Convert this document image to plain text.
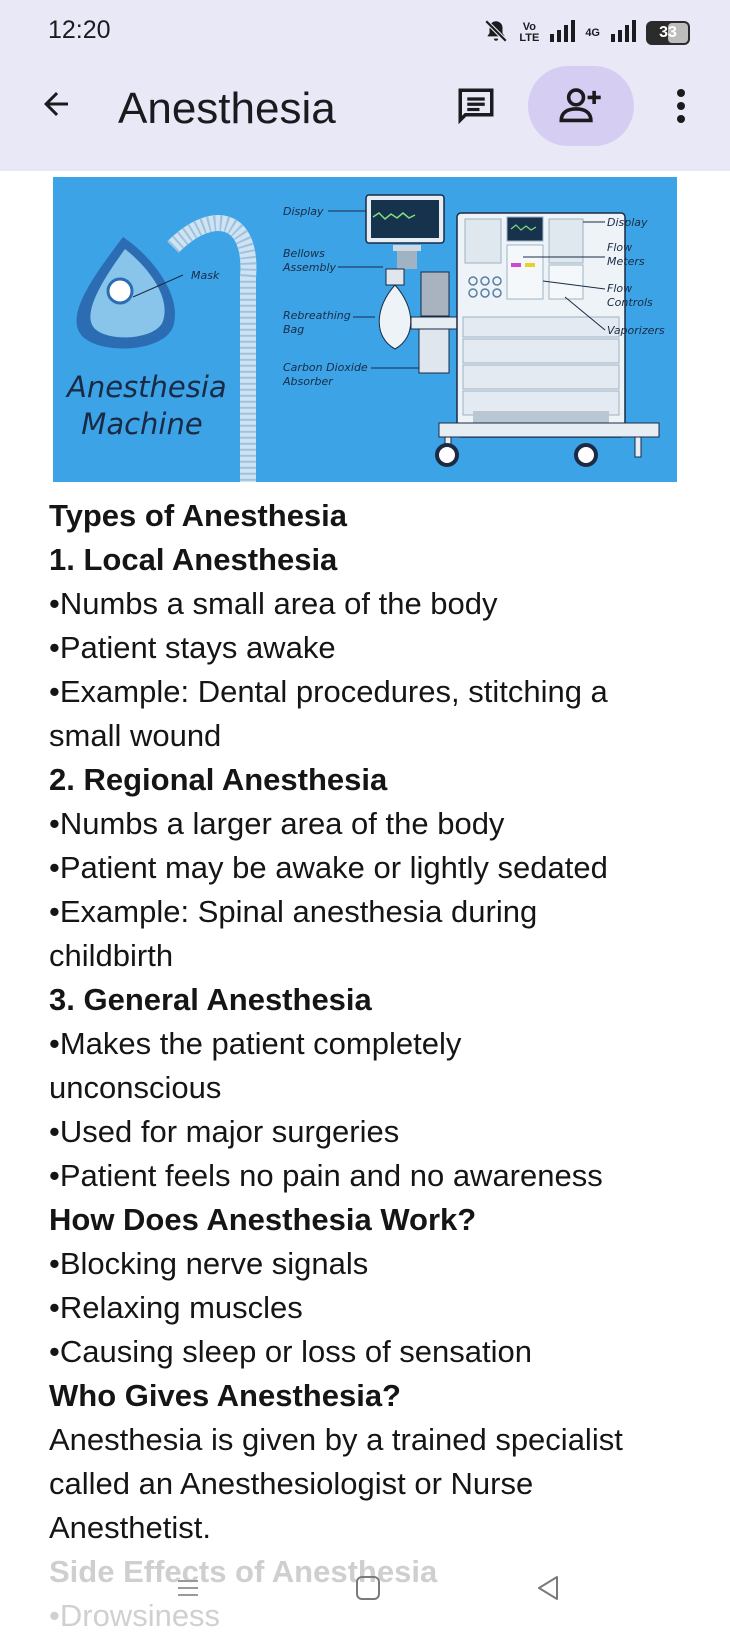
12:20	Vo
LTE	4G	33
Anesthesia
Mask
Display
Bellows
Assembly
Rebreathing
Bag
Carbon Dioxide
Absorber
Display
Flow
Meters
Flow
Controls
Vaporizers
Anesthesia
Machine

Types of Anesthesia

1. Local Anesthesia

•Numbs a small area of the body

•Patient stays awake

•Example: Dental procedures, stitching a

small wound

2. Regional Anesthesia

•Numbs a larger area of the body

•Patient may be awake or lightly sedated

•Example: Spinal anesthesia during

childbirth

3. General Anesthesia

•Makes the patient completely

unconscious

•Used for major surgeries

•Patient feels no pain and no awareness

How Does Anesthesia Work?

•Blocking nerve signals

•Relaxing muscles

•Causing sleep or loss of sensation

Who Gives Anesthesia?

Anesthesia is given by a trained specialist

called an Anesthesiologist or Nurse

Anesthetist.

Side Effects of Anesthesia

•Drowsiness
